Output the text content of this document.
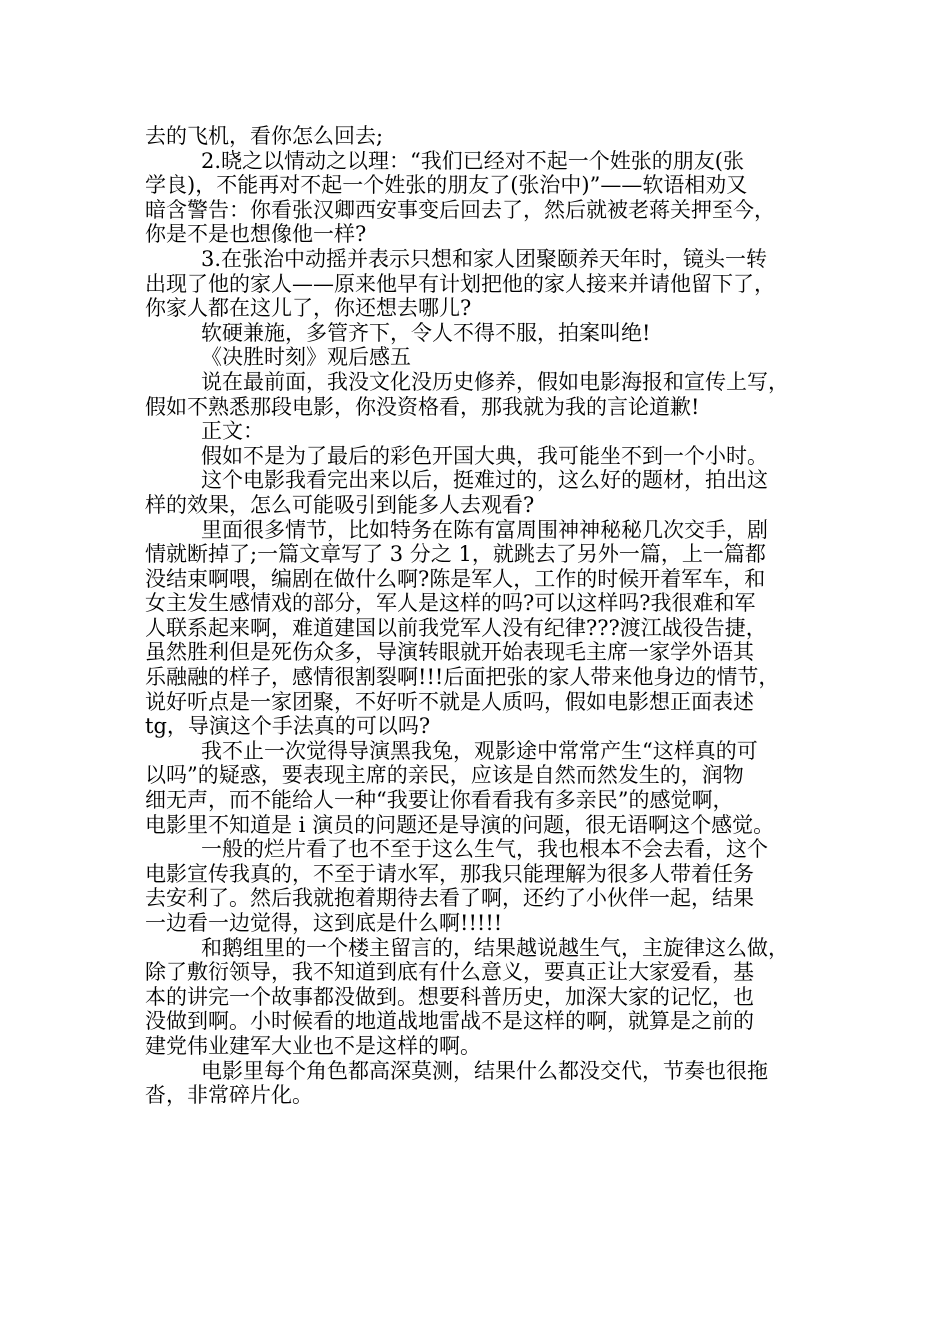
去的飞机，看你怎么回去;
2.晓之以情动之以理：“我们已经对不起一个姓张的朋友(张
学良)，不能再对不起一个姓张的朋友了(张治中)”——软语相劝又
暗含警告：你看张汉卿西安事变后回去了，然后就被老蒋关押至今，
你是不是也想像他一样?
3.在张治中动摇并表示只想和家人团聚颐养天年时，镜头一转
出现了他的家人——原来他早有计划把他的家人接来并请他留下了，
你家人都在这儿了，你还想去哪儿?
软硬兼施，多管齐下，令人不得不服，拍案叫绝!
《决胜时刻》观后感五
说在最前面，我没文化没历史修养，假如电影海报和宣传上写，
假如不熟悉那段电影，你没资格看，那我就为我的言论道歉!
正文：
假如不是为了最后的彩色开国大典，我可能坐不到一个小时。
这个电影我看完出来以后，挺难过的，这么好的题材，拍出这
样的效果，怎么可能吸引到能多人去观看?
里面很多情节，比如特务在陈有富周围神神秘秘几次交手，剧
情就断掉了;一篇文章写了 3 分之 1，就跳去了另外一篇，上一篇都
没结束啊喂，编剧在做什么啊?陈是军人，工作的时候开着军车，和
女主发生感情戏的部分，军人是这样的吗?可以这样吗?我很难和军
人联系起来啊，难道建国以前我党军人没有纪律???渡江战役告捷，
虽然胜利但是死伤众多，导演转眼就开始表现毛主席一家学外语其
乐融融的样子，感情很割裂啊!!!后面把张的家人带来他身边的情节，
说好听点是一家团聚，不好听不就是人质吗，假如电影想正面表述
tg，导演这个手法真的可以吗?
我不止一次觉得导演黑我兔，观影途中常常产生“这样真的可
以吗”的疑惑，要表现主席的亲民，应该是自然而然发生的，润物
细无声，而不能给人一种“我要让你看看我有多亲民”的感觉啊，
电影里不知道是 i 演员的问题还是导演的问题，很无语啊这个感觉。
一般的烂片看了也不至于这么生气，我也根本不会去看，这个
电影宣传我真的，不至于请水军，那我只能理解为很多人带着任务
去安利了。然后我就抱着期待去看了啊，还约了小伙伴一起，结果
一边看一边觉得，这到底是什么啊!!!!!
和鹅组里的一个楼主留言的，结果越说越生气，主旋律这么做，
除了敷衍领导，我不知道到底有什么意义，要真正让大家爱看，基
本的讲完一个故事都没做到。想要科普历史，加深大家的记忆，也
没做到啊。小时候看的地道战地雷战不是这样的啊，就算是之前的
建党伟业建军大业也不是这样的啊。
电影里每个角色都高深莫测，结果什么都没交代，节奏也很拖
沓，非常碎片化。
